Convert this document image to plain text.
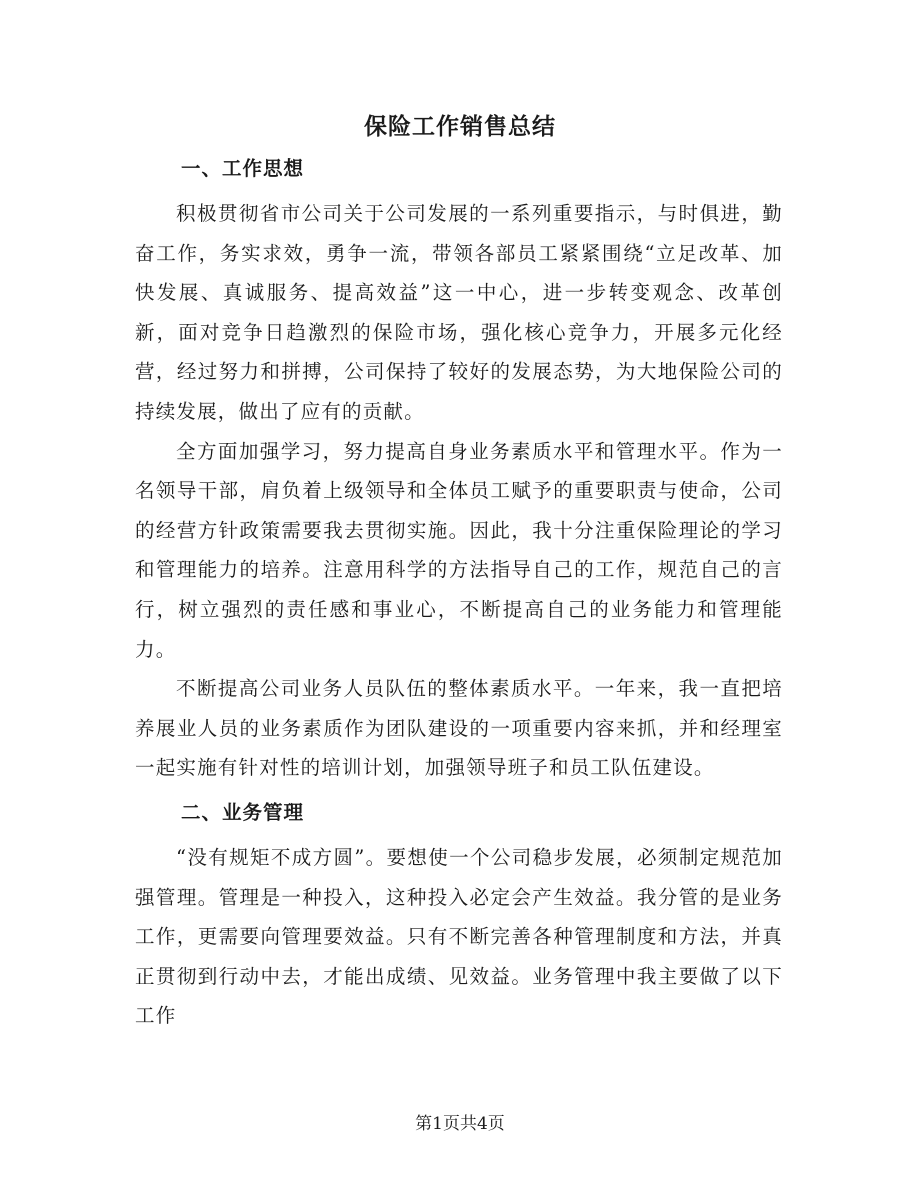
保险工作销售总结
一、工作思想

积极贯彻省市公司关于公司发展的一系列重要指示，与时俱进，勤奋工作，务实求效，勇争一流，带领各部员工紧紧围绕“立足改革、加快发展、真诚服务、提高效益”这一中心，进一步转变观念、改革创新，面对竞争日趋激烈的保险市场，强化核心竞争力，开展多元化经营，经过努力和拼搏，公司保持了较好的发展态势，为大地保险公司的持续发展，做出了应有的贡献。

全方面加强学习，努力提高自身业务素质水平和管理水平。作为一名领导干部，肩负着上级领导和全体员工赋予的重要职责与使命，公司的经营方针政策需要我去贯彻实施。因此，我十分注重保险理论的学习和管理能力的培养。注意用科学的方法指导自己的工作，规范自己的言行，树立强烈的责任感和事业心，不断提高自己的业务能力和管理能力。

不断提高公司业务人员队伍的整体素质水平。一年来，我一直把培养展业人员的业务素质作为团队建设的一项重要内容来抓，并和经理室一起实施有针对性的培训计划，加强领导班子和员工队伍建设。

二、业务管理

“没有规矩不成方圆”。要想使一个公司稳步发展，必须制定规范加强管理。管理是一种投入，这种投入必定会产生效益。我分管的是业务工作，更需要向管理要效益。只有不断完善各种管理制度和方法，并真正贯彻到行动中去，才能出成绩、见效益。业务管理中我主要做了以下工作

第1页共4页
